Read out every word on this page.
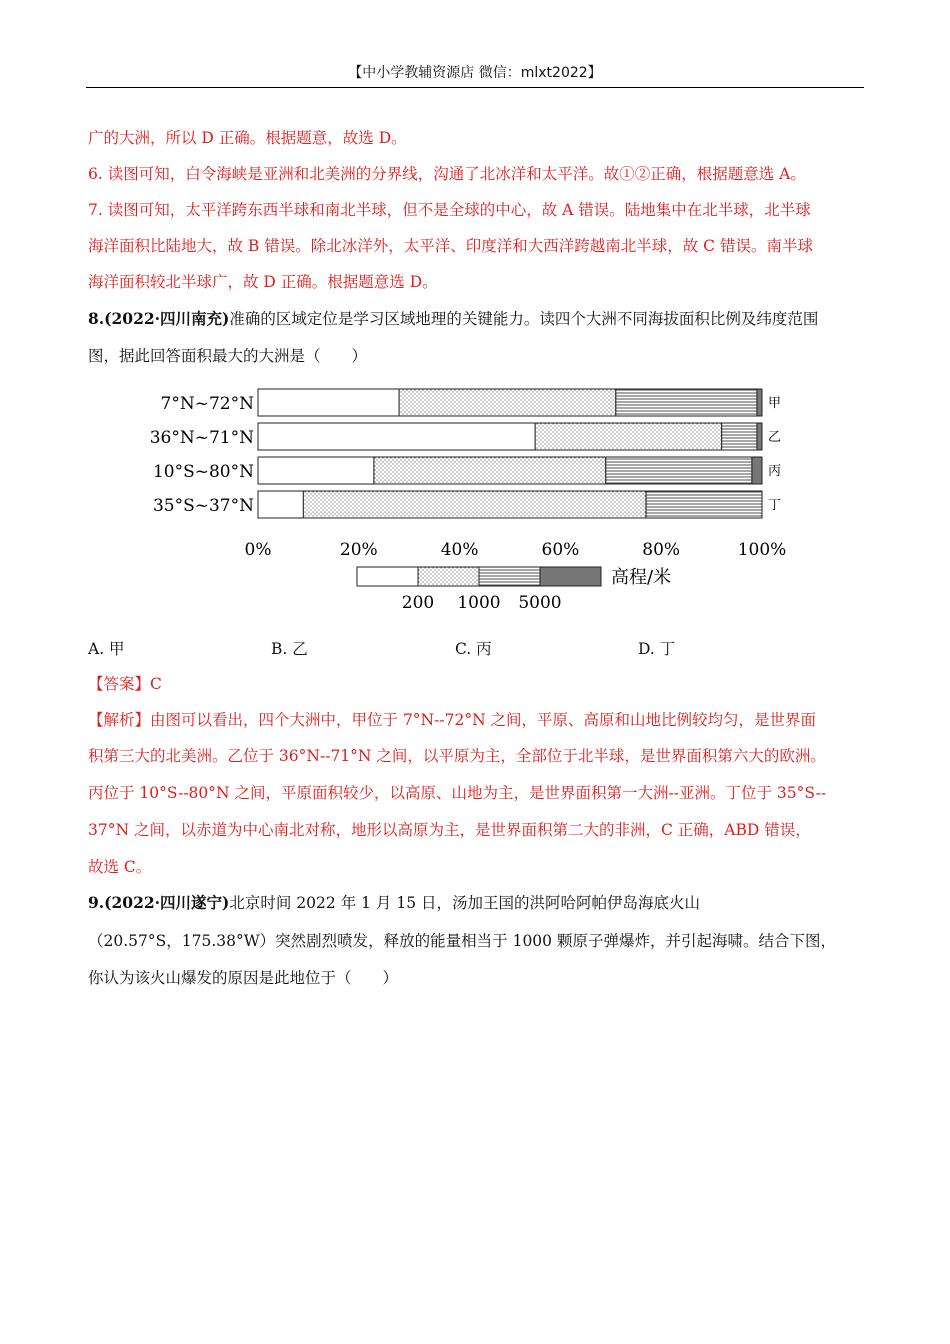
【中小学教辅资源店 微信：mlxt2022】
广的大洲，所以 D 正确。根据题意，故选 D。
6. 读图可知，白令海峡是亚洲和北美洲的分界线，沟通了北冰洋和太平洋。故①②正确，根据题意选 A。
7. 读图可知，太平洋跨东西半球和南北半球，但不是全球的中心，故 A 错误。陆地集中在北半球，北半球
海洋面积比陆地大，故 B 错误。除北冰洋外，太平洋、印度洋和大西洋跨越南北半球，故 C 错误。南半球
海洋面积较北半球广，故 D 正确。根据题意选 D。
8.(2022·四川南充)准确的区域定位是学习区域地理的关键能力。读四个大洲不同海拔面积比例及纬度范围
图，据此回答面积最大的大洲是（　　）
7°N~72°N
36°N~71°N
10°S~80°N
35°S~37°N
甲
乙
丙
丁
0%	20%	40%	60%	80%	100%
高程/米
200 1000 5000
A. 甲	B. 乙	C. 丙	D. 丁
【答案】C
【解析】由图可以看出，四个大洲中，甲位于 7°N--72°N 之间，平原、高原和山地比例较均匀，是世界面
积第三大的北美洲。乙位于 36°N--71°N 之间，以平原为主，全部位于北半球，是世界面积第六大的欧洲。
丙位于 10°S--80°N 之间，平原面积较少，以高原、山地为主，是世界面积第一大洲--亚洲。丁位于 35°S--
37°N 之间，以赤道为中心南北对称，地形以高原为主，是世界面积第二大的非洲，C 正确，ABD 错误，
故选 C。
9.(2022·四川遂宁)北京时间 2022 年 1 月 15 日，汤加王国的洪阿哈阿帕伊岛海底火山
（20.57°S，175.38°W）突然剧烈喷发，释放的能量相当于 1000 颗原子弹爆炸，并引起海啸。结合下图，
你认为该火山爆发的原因是此地位于（　　）
